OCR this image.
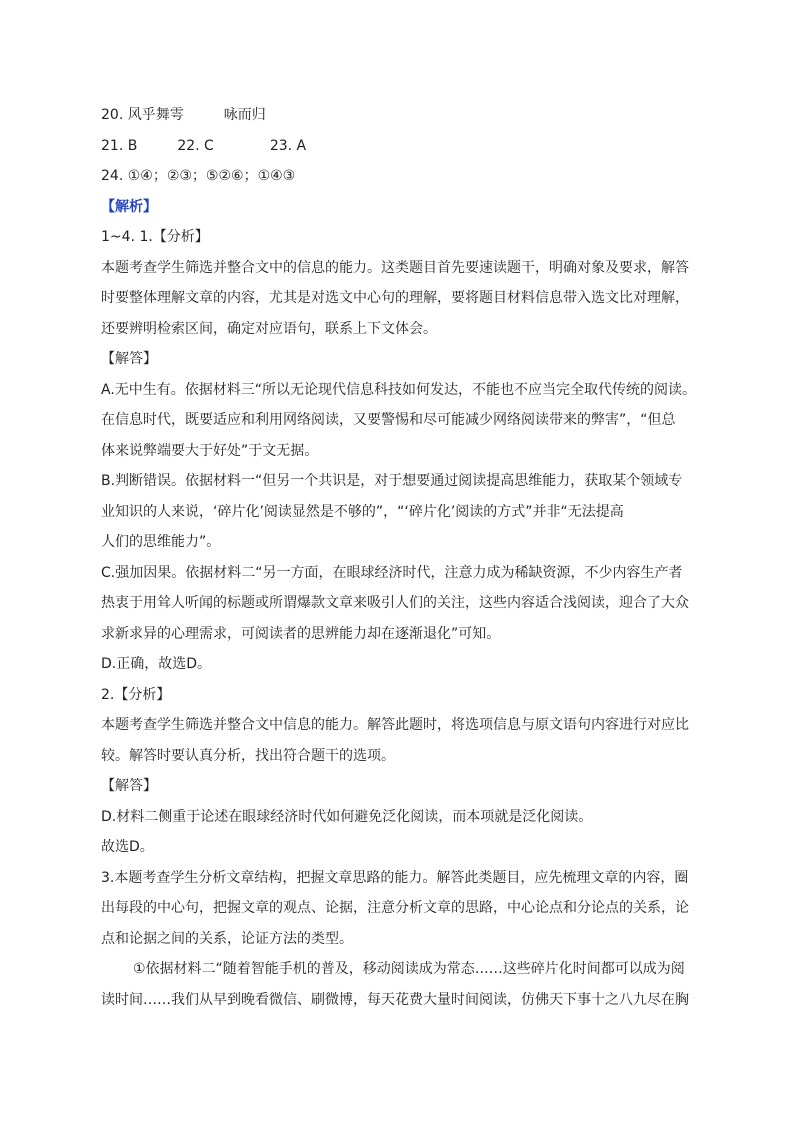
20. 风乎舞雩	咏而归
21. B	22. C	23. A
24. ①④；②③；⑤②⑥；①④③
【解析】
1~4. 1.【分析】
本题考查学生筛选并整合文中的信息的能力。这类题目首先要速读题干，明确对象及要求，解答
时要整体理解文章的内容，尤其是对选文中心句的理解，要将题目材料信息带入选文比对理解，
还要辨明检索区间，确定对应语句，联系上下文体会。
【解答】
A.无中生有。依据材料三“所以无论现代信息科技如何发达，不能也不应当完全取代传统的阅读。
在信息时代，既要适应和利用网络阅读，又要警惕和尽可能减少网络阅读带来的弊害”，“但总
体来说弊端要大于好处”于文无据。
B.判断错误。依据材料一“但另一个共识是，对于想要通过阅读提高思维能力，获取某个领域专
业知识的人来说，‘碎片化’阅读显然是不够的”，“‘碎片化’阅读的方式”并非“无法提高
人们的思维能力”。
C.强加因果。依据材料二“另一方面，在眼球经济时代，注意力成为稀缺资源，不少内容生产者
热衷于用耸人听闻的标题或所谓爆款文章来吸引人们的关注，这些内容适合浅阅读，迎合了大众
求新求异的心理需求，可阅读者的思辨能力却在逐渐退化”可知。
D.正确，故选D。
2.【分析】
本题考查学生筛选并整合文中信息的能力。解答此题时，将选项信息与原文语句内容进行对应比
较。解答时要认真分析，找出符合题干的选项。
【解答】
D.材料二侧重于论述在眼球经济时代如何避免泛化阅读，而本项就是泛化阅读。
故选D。
3.本题考查学生分析文章结构，把握文章思路的能力。解答此类题目，应先梳理文章的内容，圈
出每段的中心句，把握文章的观点、论据，注意分析文章的思路，中心论点和分论点的关系，论
点和论据之间的关系，论证方法的类型。
①依据材料二“随着智能手机的普及，移动阅读成为常态……这些碎片化时间都可以成为阅
读时间……我们从早到晚看微信、刷微博，每天花费大量时间阅读，仿佛天下事十之八九尽在胸
